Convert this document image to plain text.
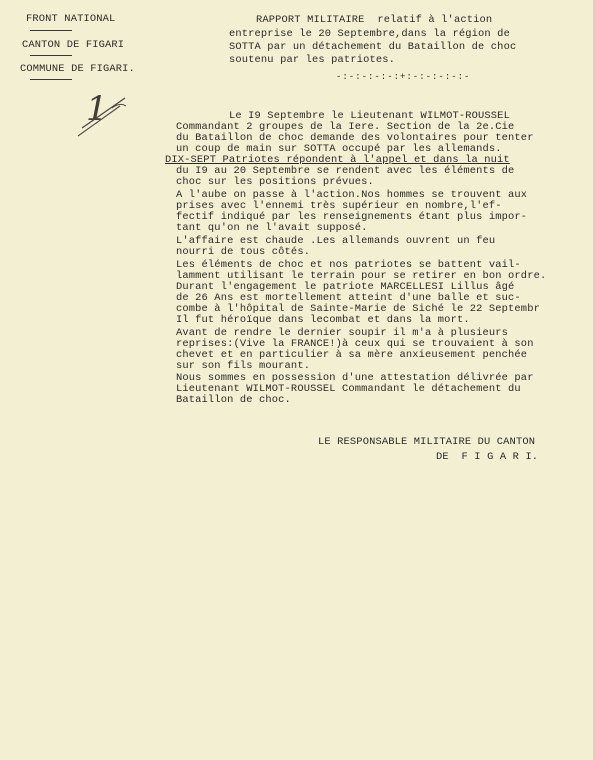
FRONT NATIONAL
CANTON DE FIGARI
COMMUNE DE FIGARI.
RAPPORT MILITAIRE  relatif à l'action
entreprise le 20 Septembre,dans la région de
SOTTA par un détachement du Bataillon de choc
soutenu par les patriotes.
-:-:-:-:-:+:-:-:-:-:-
1	Le I9 Septembre le Lieutenant WILMOT-ROUSSEL
Commandant 2 groupes de la Iere. Section de la 2e.Cie
du Bataillon de choc demande des volontaires pour tenter
un coup de main sur SOTTA occupé par les allemands.
DIX-SEPT Patriotes répondent à l'appel et dans la nuit
du I9 au 20 Septembre se rendent avec les éléments de
choc sur les positions prévues.
A l'aube on passe à l'action.Nos hommes se trouvent aux
prises avec l'ennemi très supérieur en nombre,l'ef-
fectif indiqué par les renseignements étant plus impor-
tant qu'on ne l'avait supposé.
L'affaire est chaude .Les allemands ouvrent un feu
nourri de tous côtés.
Les éléments de choc et nos patriotes se battent vail-
lamment utilisant le terrain pour se retirer en bon ordre.
Durant l'engagement le patriote MARCELLESI Lillus âgé
de 26 Ans est mortellement atteint d'une balle et suc-
combe à l'hôpital de Sainte-Marie de Siché le 22 Septembr
Il fut héroïque dans lecombat et dans la mort.
Avant de rendre le dernier soupir il m'a à plusieurs
reprises:(Vive la FRANCE!)à ceux qui se trouvaient à son
chevet et en particulier à sa mère anxieusement penchée
sur son fils mourant.
Nous sommes en possession d'une attestation délivrée par
Lieutenant WILMOT-ROUSSEL Commandant le détachement du
Bataillon de choc.
LE RESPONSABLE MILITAIRE DU CANTON
DE  F I G A R I.
